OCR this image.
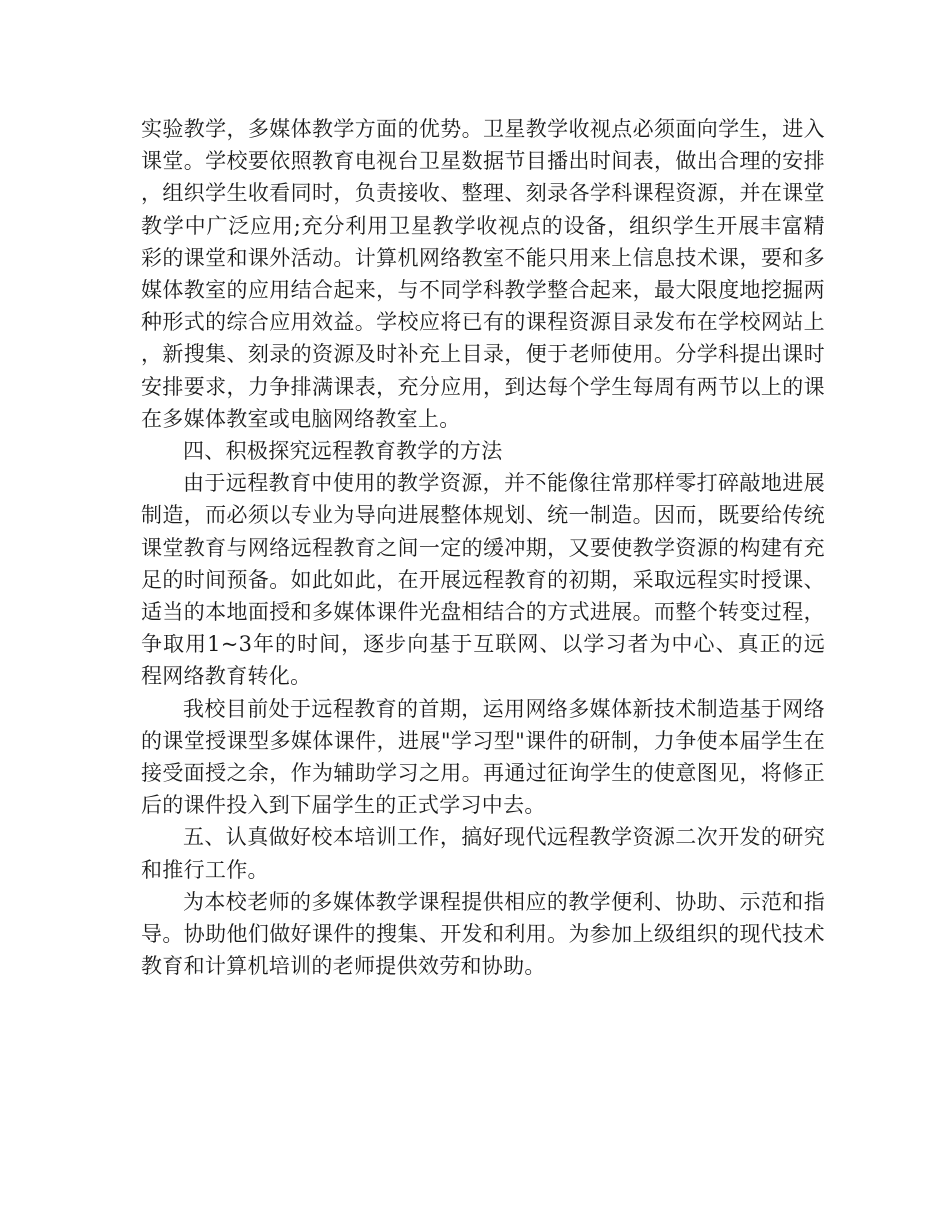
实验教学，多媒体教学方面的优势。卫星教学收视点必须面向学生，进入课堂。学校要依照教育电视台卫星数据节目播出时间表，做出合理的安排，组织学生收看同时，负责接收、整理、刻录各学科课程资源，并在课堂教学中广泛应用;充分利用卫星教学收视点的设备，组织学生开展丰富精彩的课堂和课外活动。计算机网络教室不能只用来上信息技术课，要和多媒体教室的应用结合起来，与不同学科教学整合起来，最大限度地挖掘两种形式的综合应用效益。学校应将已有的课程资源目录发布在学校网站上，新搜集、刻录的资源及时补充上目录，便于老师使用。分学科提出课时安排要求，力争排满课表，充分应用，到达每个学生每周有两节以上的课在多媒体教室或电脑网络教室上。

四、积极探究远程教育教学的方法

由于远程教育中使用的教学资源，并不能像往常那样零打碎敲地进展制造，而必须以专业为导向进展整体规划、统一制造。因而，既要给传统课堂教育与网络远程教育之间一定的缓冲期，又要使教学资源的构建有充足的时间预备。如此如此，在开展远程教育的初期，采取远程实时授课、适当的本地面授和多媒体课件光盘相结合的方式进展。而整个转变过程，争取用1~3年的时间，逐步向基于互联网、以学习者为中心、真正的远程网络教育转化。

我校目前处于远程教育的首期，运用网络多媒体新技术制造基于网络的课堂授课型多媒体课件，进展"学习型"课件的研制，力争使本届学生在接受面授之余，作为辅助学习之用。再通过征询学生的使意图见，将修正后的课件投入到下届学生的正式学习中去。

五、认真做好校本培训工作，搞好现代远程教学资源二次开发的研究和推行工作。

为本校老师的多媒体教学课程提供相应的教学便利、协助、示范和指导。协助他们做好课件的搜集、开发和利用。为参加上级组织的现代技术教育和计算机培训的老师提供效劳和协助。
